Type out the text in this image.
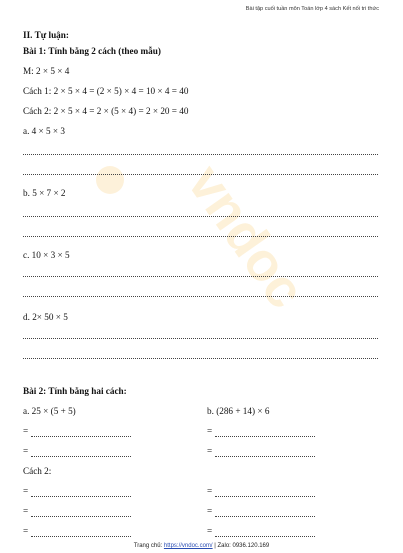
vndoc
Bài tập cuối tuần môn Toán lớp 4 sách Kết nối tri thức
II. Tự luận:
Bài 1: Tính bằng 2 cách (theo mẫu)
M: 2 × 5 × 4
Cách 1: 2 × 5 × 4 = (2 × 5) × 4 = 10 × 4 = 40
Cách 2: 2 × 5 × 4 = 2 × (5 × 4) = 2 × 20 = 40
a. 4 × 5 × 3
b. 5 × 7 × 2
c. 10 × 3 × 5
d. 2× 50 × 5
Bài 2: Tính bằng hai cách:
a. 25 × (5 + 5)	b. (286 + 14) × 6
=	=
=	=
Cách 2:
=	=
=	=
=	=
Trang chủ: https://vndoc.com/ | Zalo: 0936.120.169
